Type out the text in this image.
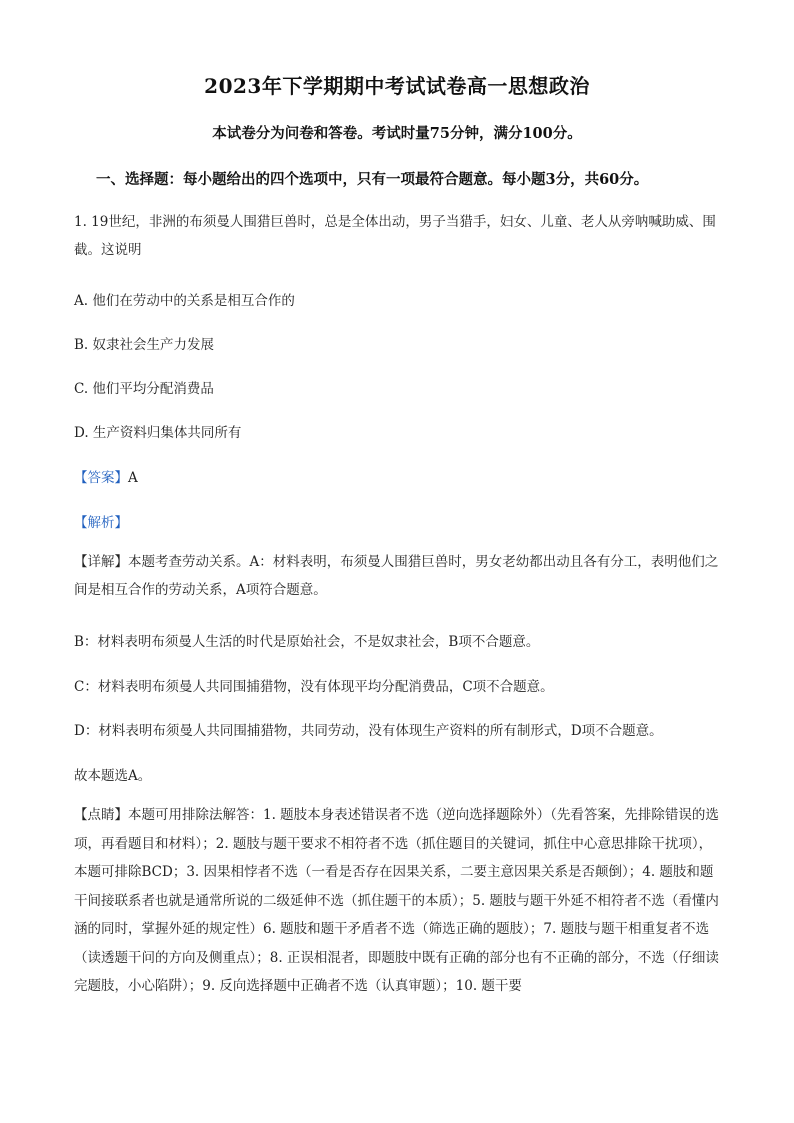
2023年下学期期中考试试卷高一思想政治
本试卷分为问卷和答卷。考试时量75分钟，满分100分。
一、选择题：每小题给出的四个选项中，只有一项最符合题意。每小题3分，共60分。

1. 19世纪，非洲的布须曼人围猎巨兽时，总是全体出动，男子当猎手，妇女、儿童、老人从旁呐喊助威、围截。这说明

A. 他们在劳动中的关系是相互合作的
B. 奴隶社会生产力发展
C. 他们平均分配消费品
D. 生产资料归集体共同所有
【答案】A
【解析】

【详解】本题考查劳动关系。A：材料表明，布须曼人围猎巨兽时，男女老幼都出动且各有分工，表明他们之间是相互合作的劳动关系，A项符合题意。

B：材料表明布须曼人生活的时代是原始社会，不是奴隶社会，B项不合题意。
C：材料表明布须曼人共同围捕猎物，没有体现平均分配消费品，C项不合题意。
D：材料表明布须曼人共同围捕猎物，共同劳动，没有体现生产资料的所有制形式，D项不合题意。
故本题选A。

【点睛】本题可用排除法解答：1. 题肢本身表述错误者不选（逆向选择题除外）（先看答案，先排除错误的选项，再看题目和材料）；2. 题肢与题干要求不相符者不选（抓住题目的关键词，抓住中心意思排除干扰项），本题可排除BCD；3. 因果相悖者不选（一看是否存在因果关系，二要主意因果关系是否颠倒）；4. 题肢和题干间接联系者也就是通常所说的二级延伸不选（抓住题干的本质）；5. 题肢与题干外延不相符者不选（看懂内涵的同时，掌握外延的规定性）6. 题肢和题干矛盾者不选（筛选正确的题肢）；7. 题肢与题干相重复者不选（读透题干问的方向及侧重点）；8. 正误相混者，即题肢中既有正确的部分也有不正确的部分，不选（仔细读完题肢，小心陷阱）；9. 反向选择题中正确者不选（认真审题）；10. 题干要
